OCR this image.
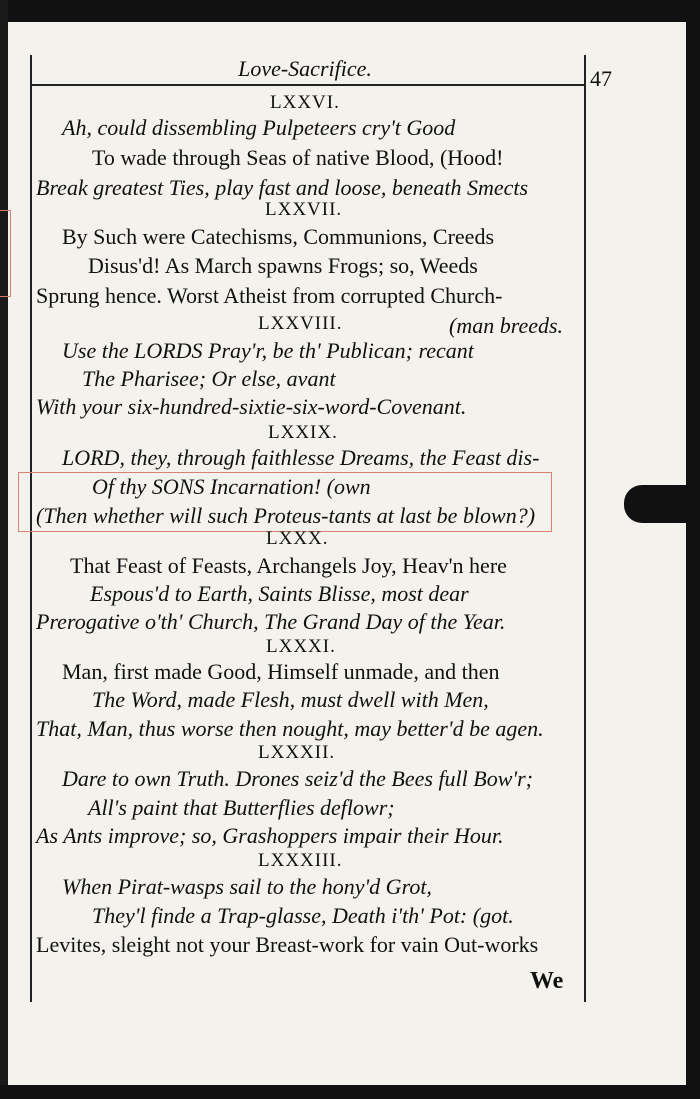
Love-Sacrifice.	47
LXXVI.
Ah, could dissembling Pulpeteers cry't Good
To wade through Seas of native Blood, (Hood!
Break greatest Ties, play fast and loose, beneath Smects
LXXVII.
By Such were Catechisms, Communions, Creeds
Disus'd! As March spawns Frogs; so, Weeds
Sprung hence. Worst Atheist from corrupted Church-
LXXVIII.	(man breeds.
Use the LORDS Pray'r, be th' Publican; recant
The Pharisee; Or else, avant
With your six-hundred-sixtie-six-word-Covenant.
LXXIX.
LORD, they, through faithlesse Dreams, the Feast dis-
Of thy SONS Incarnation! (own
(Then whether will such Proteus-tants at last be blown?)
LXXX.
That Feast of Feasts, Archangels Joy, Heav'n here
Espous'd to Earth, Saints Blisse, most dear
Prerogative o'th' Church, The Grand Day of the Year.
LXXXI.
Man, first made Good, Himself unmade, and then
The Word, made Flesh, must dwell with Men,
That, Man, thus worse then nought, may better'd be agen.
LXXXII.
Dare to own Truth. Drones seiz'd the Bees full Bow'r;
All's paint that Butterflies deflowr;
As Ants improve; so, Grashoppers impair their Hour.
LXXXIII.
When Pirat-wasps sail to the hony'd Grot,
They'l finde a Trap-glasse, Death i'th' Pot: (got.
Levites, sleight not your Breast-work for vain Out-works
We
